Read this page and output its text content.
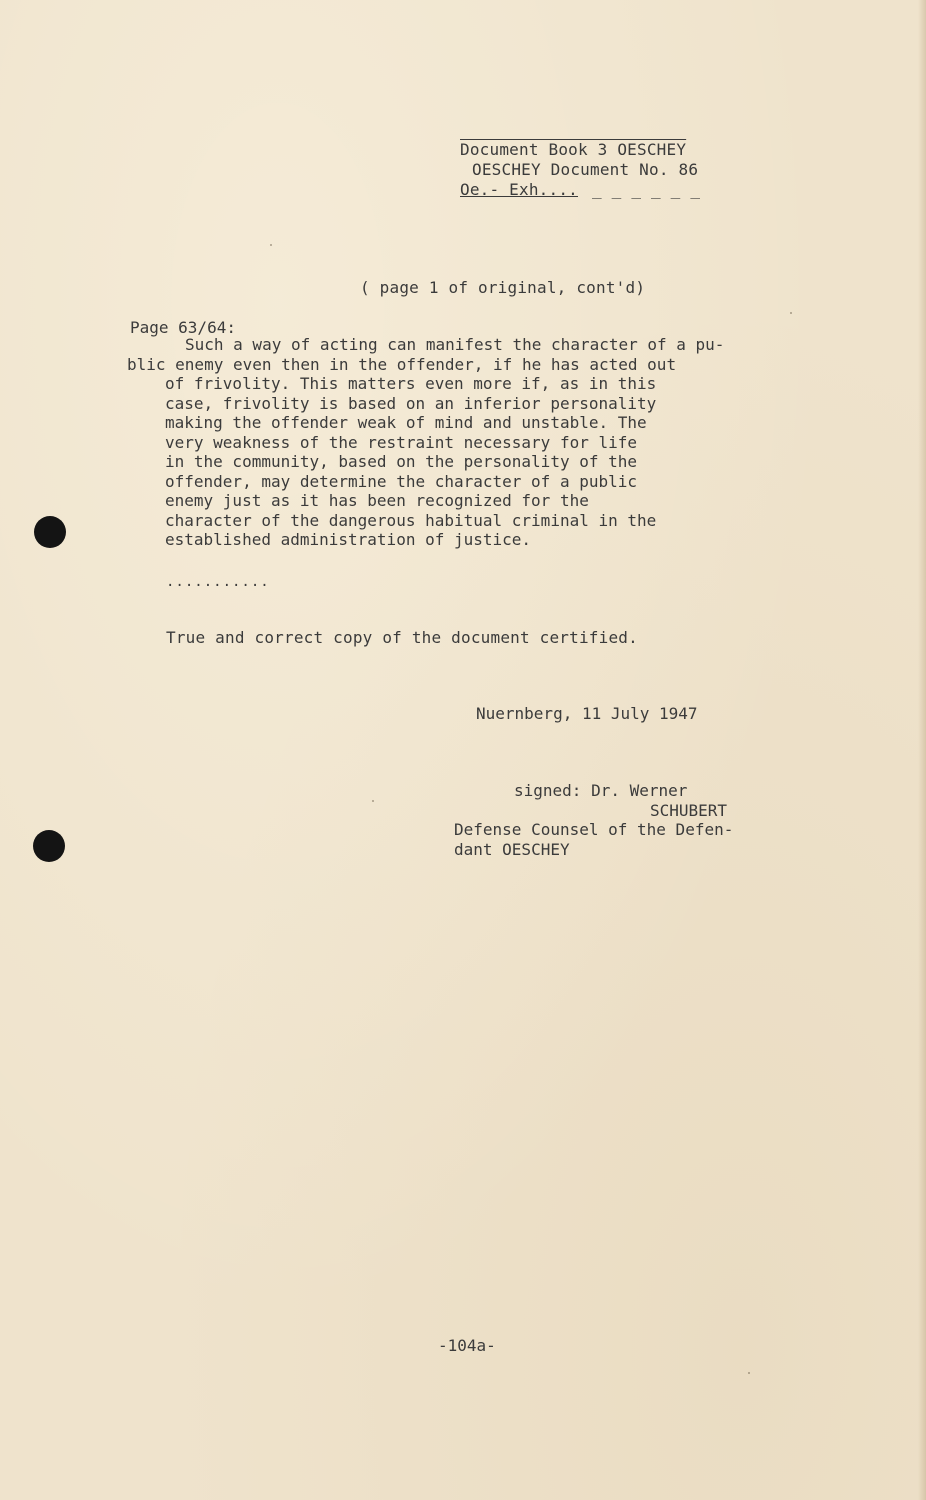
Document Book 3 OESCHEY
OESCHEY Document No. 86
Oe.- Exh.... _ _ _ _ _ _
( page 1 of original, cont'd)
Page 63/64:
Such a way of acting can manifest the character of a pu-
blic enemy even then in the offender, if he has acted out
of frivolity. This matters even more if, as in this
case, frivolity is based on an inferior personality
making the offender weak of mind and unstable. The
very weakness of the restraint necessary for life
in the community, based on the personality of the
offender, may determine the character of a public
enemy just as it has been recognized for the
character of the dangerous habitual criminal in the
established administration of justice.
...........
True and correct copy of the document certified.
Nuernberg, 11 July 1947
signed: Dr. Werner
SCHUBERT
Defense Counsel of the Defen-
dant OESCHEY
-104a-
